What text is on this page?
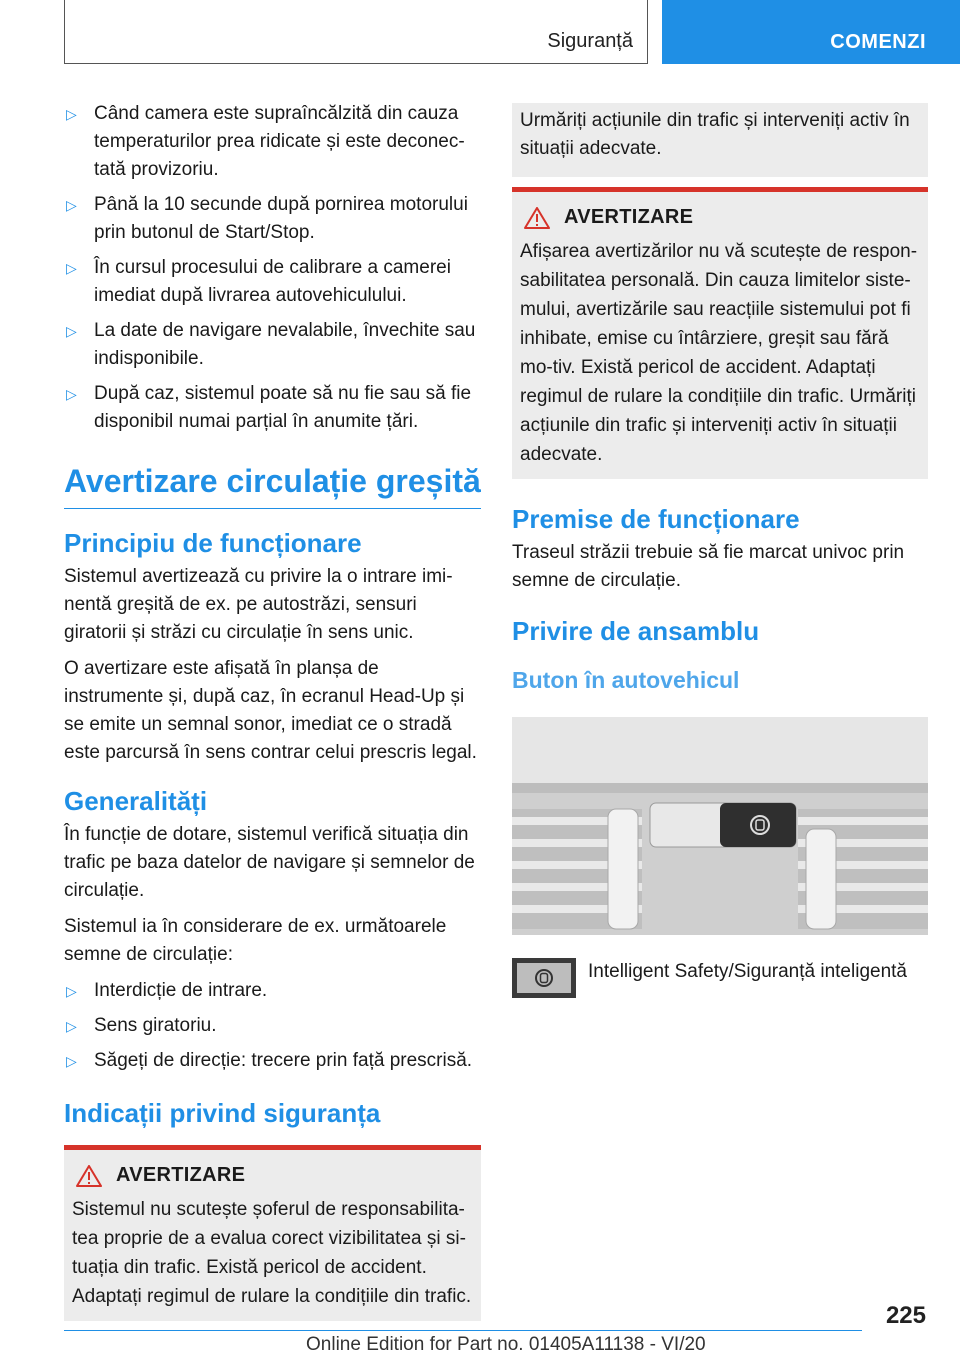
Siguranță	COMENZI
▷ Când camera este supraîncălzită din cauza temperaturilor prea ridicate și este deconec-tată provizoriu.
▷ Până la 10 secunde după pornirea motorului prin butonul de Start/Stop.
▷ În cursul procesului de calibrare a camerei imediat după livrarea autovehiculului.
▷ La date de navigare nevalabile, învechite sau indisponibile.
▷ După caz, sistemul poate să nu fie sau să fie disponibil numai parțial în anumite țări.
Avertizare circulație greșită
Principiu de funcționare

Sistemul avertizează cu privire la o intrare imi-nentă greșită de ex. pe autostrăzi, sensuri giratorii și străzi cu circulație în sens unic.

O avertizare este afișată în planșa de instrumente și, după caz, în ecranul Head-Up și se emite un semnal sonor, imediat ce o stradă este parcursă în sens contrar celui prescris legal.

Generalități

În funcție de dotare, sistemul verifică situația din trafic pe baza datelor de navigare și semnelor de circulație.

Sistemul ia în considerare de ex. următoarele semne de circulație:

▷ Interdicție de intrare.
▷ Sens giratoriu.
▷ Săgeți de direcție: trecere prin față prescrisă.
Indicații privind siguranța
AVERTIZARE

Sistemul nu scutește șoferul de responsabilita-tea proprie de a evalua corect vizibilitatea și si-tuația din trafic. Există pericol de accident. Adaptați regimul de rulare la condițiile din trafic.

Urmăriți acțiunile din trafic și interveniți activ în situații adecvate.

AVERTIZARE

Afișarea avertizărilor nu vă scutește de respon-sabilitatea personală. Din cauza limitelor siste-mului, avertizările sau reacțiile sistemului pot fi inhibate, emise cu întârziere, greșit sau fără mo-tiv. Există pericol de accident. Adaptați regimul de rulare la condițiile din trafic. Urmăriți acțiunile din trafic și interveniți activ în situații adecvate.

Premise de funcționare

Traseul străzii trebuie să fie marcat univoc prin semne de circulație.

Privire de ansamblu
Buton în autovehicul

Intelligent Safety/Siguranță inteligentă

225
Online Edition for Part no. 01405A11138 - VI/20
